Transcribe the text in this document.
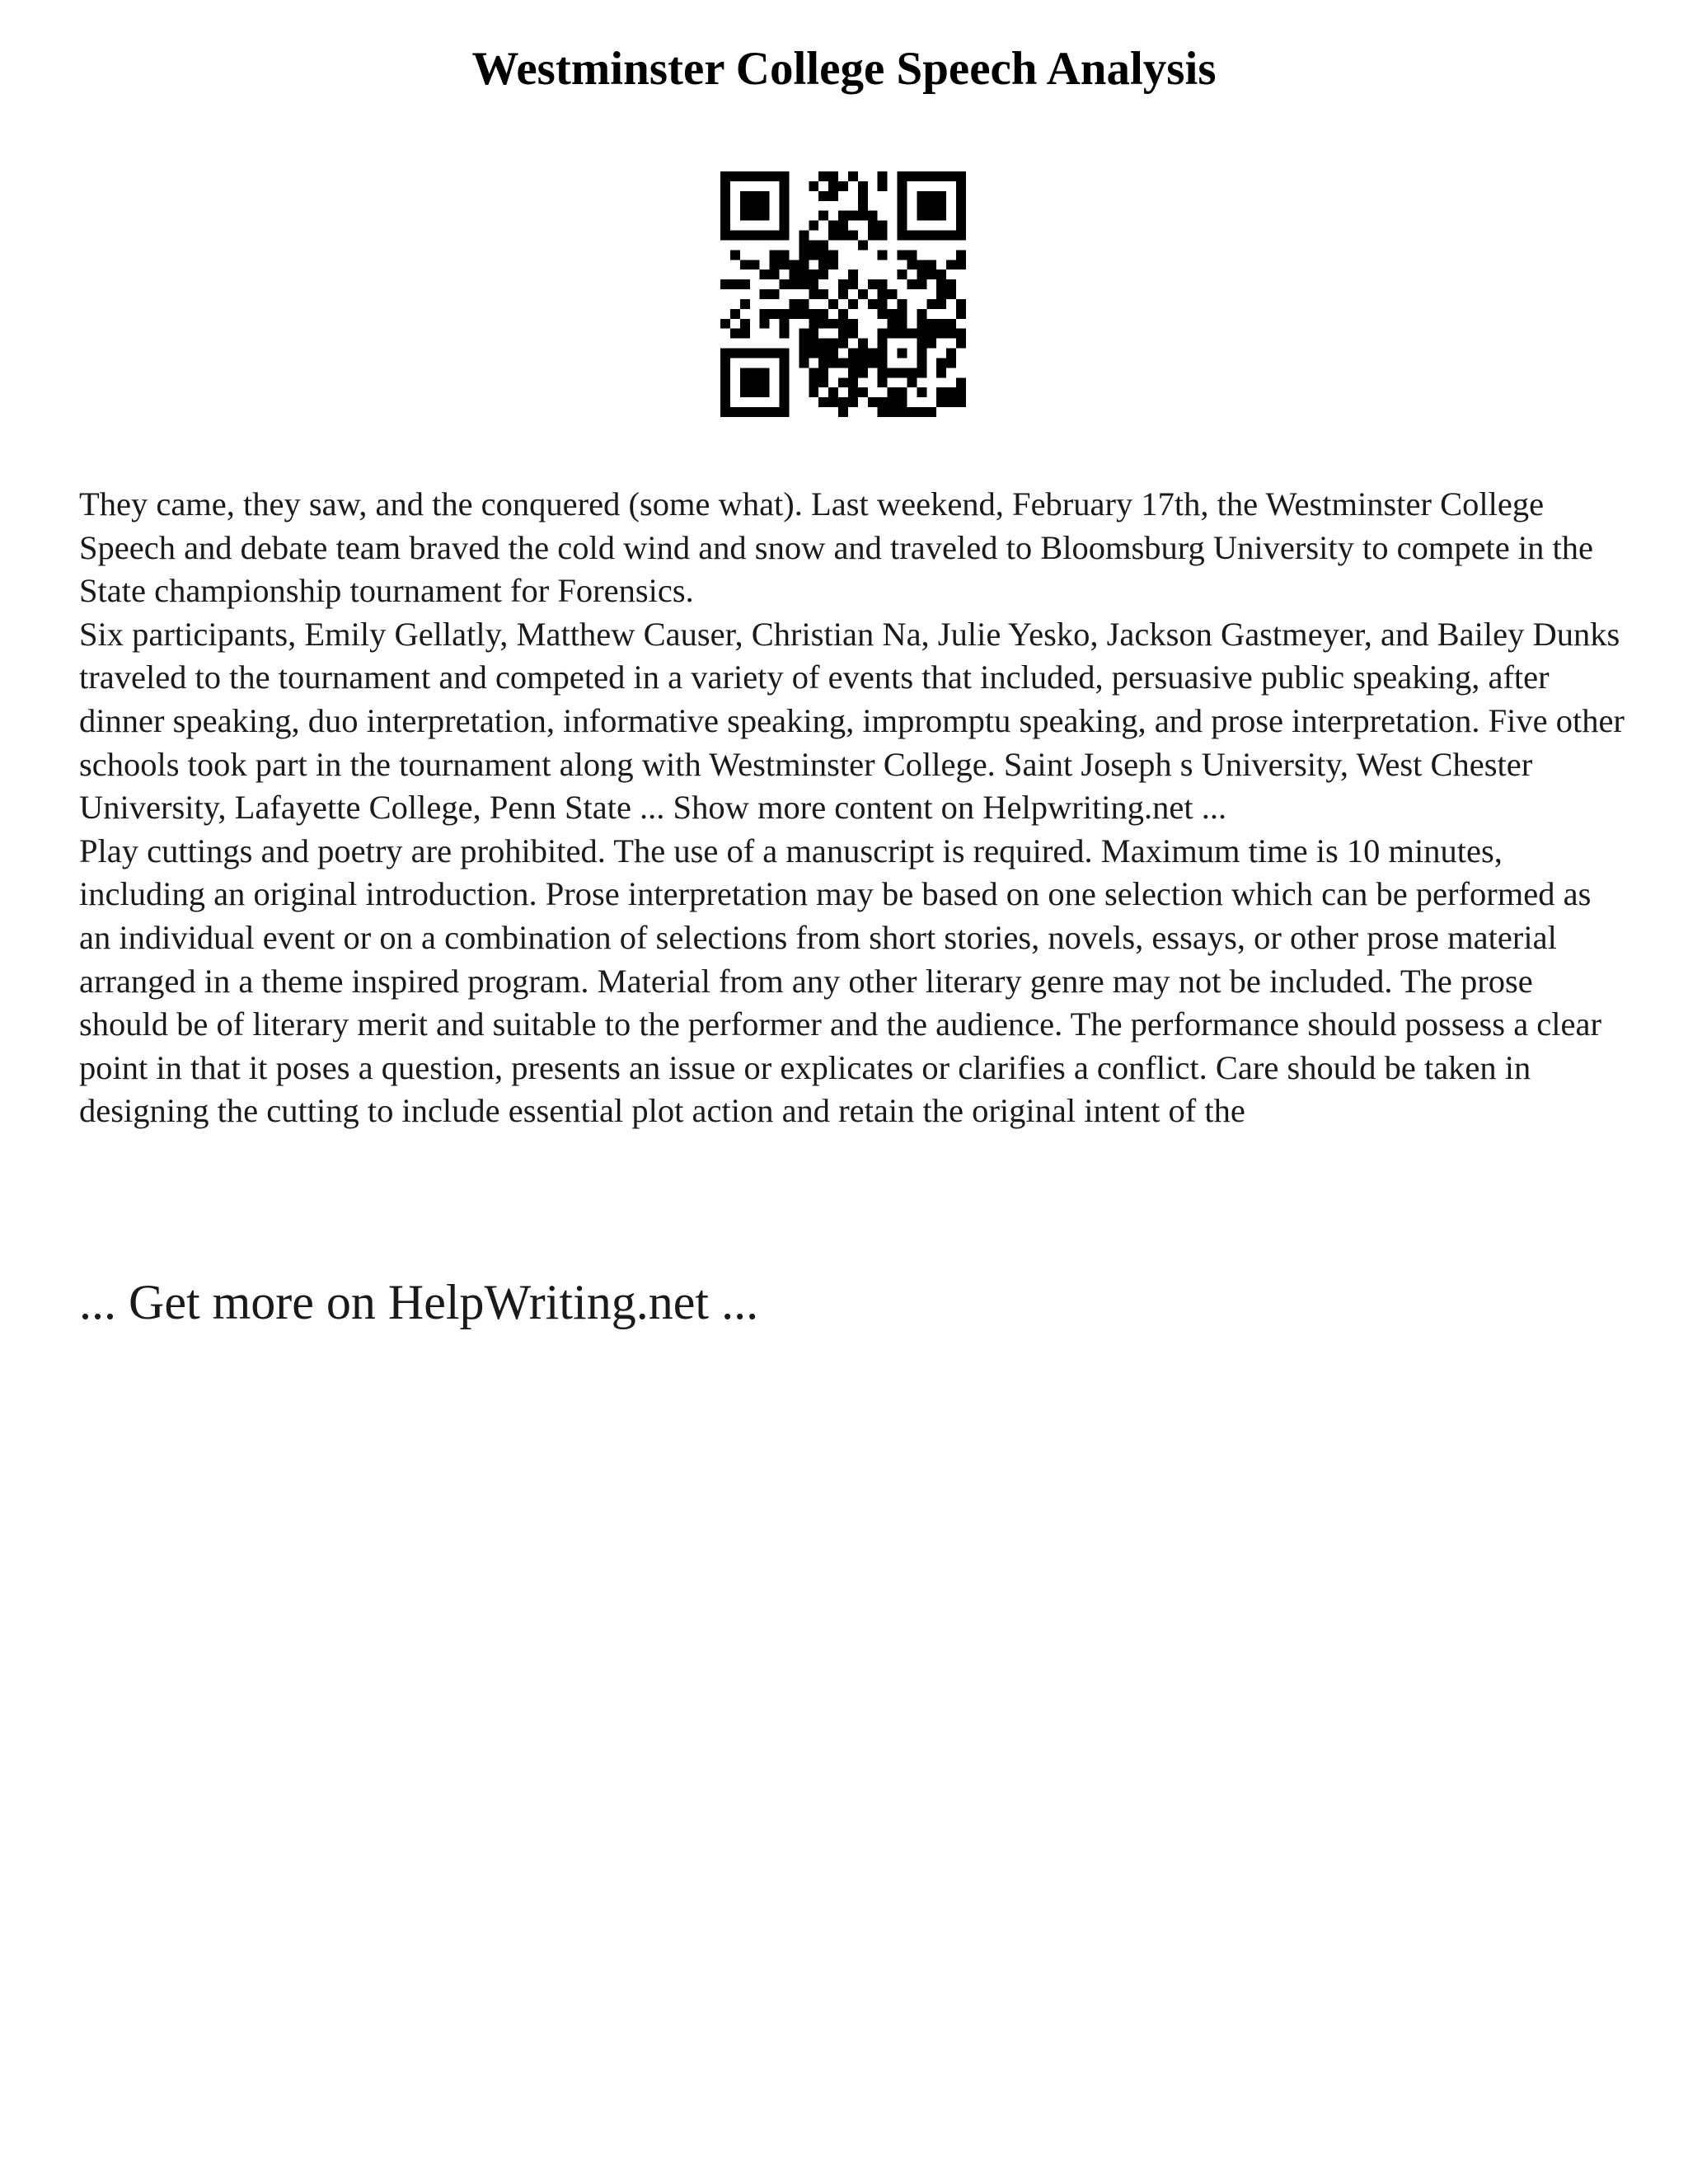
Westminster College Speech Analysis

They came, they saw, and the conquered (some what). Last weekend, February 17th, the Westminster College Speech and debate team braved the cold wind and snow and traveled to Bloomsburg University to compete in the State championship tournament for Forensics.

Six participants, Emily Gellatly, Matthew Causer, Christian Na, Julie Yesko, Jackson Gastmeyer, and Bailey Dunks traveled to the tournament and competed in a variety of events that included, persuasive public speaking, after dinner speaking, duo interpretation, informative speaking, impromptu speaking, and prose interpretation. Five other schools took part in the tournament along with Westminster College. Saint Joseph s University, West Chester University, Lafayette College, Penn State ... Show more content on Helpwriting.net ...

Play cuttings and poetry are prohibited. The use of a manuscript is required. Maximum time is 10 minutes, including an original introduction. Prose interpretation may be based on one selection which can be performed as an individual event or on a combination of selections from short stories, novels, essays, or other prose material arranged in a theme inspired program. Material from any other literary genre may not be included. The prose should be of literary merit and suitable to the performer and the audience. The performance should possess a clear point in that it poses a question, presents an issue or explicates or clarifies a conflict. Care should be taken in designing the cutting to include essential plot action and retain the original intent of the

... Get more on HelpWriting.net ...
